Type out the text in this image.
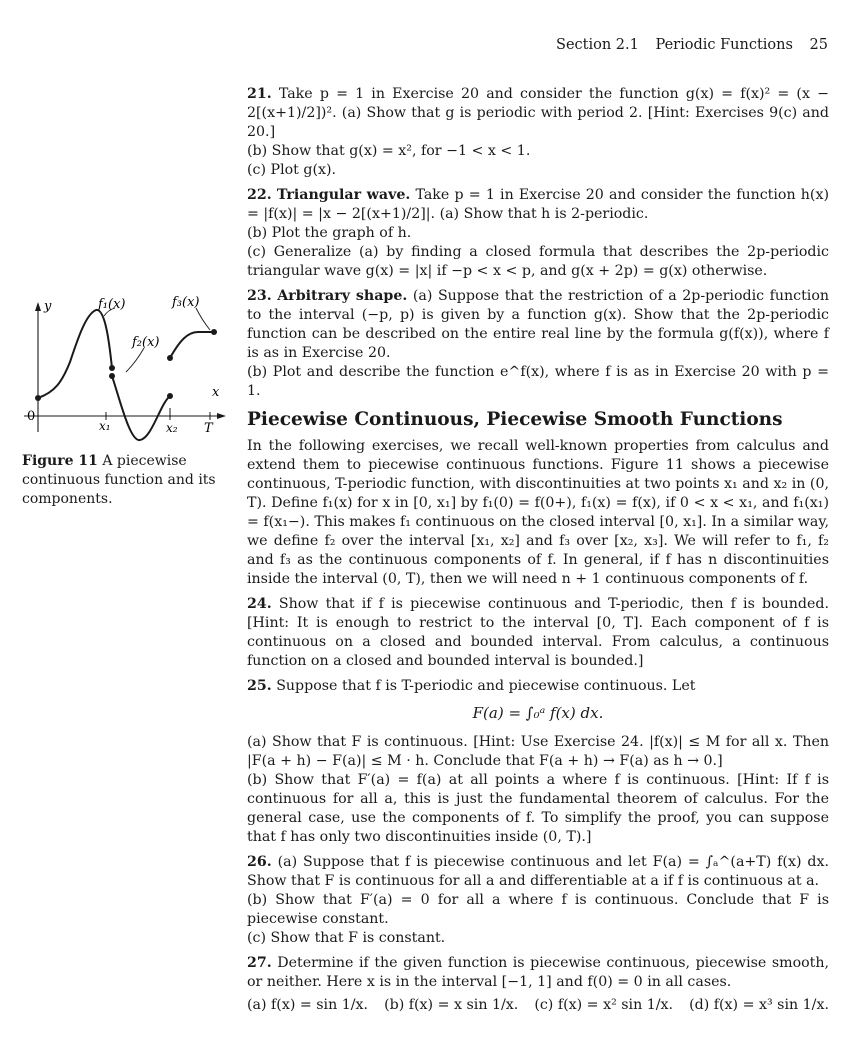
Section 2.1 Periodic Functions 25
y
x
f₁(x)
f₂(x)
f₃(x)
0
x₁	x₂ T
Figure 11 A piecewise continuous function and its components.

21. Take p = 1 in Exercise 20 and consider the function g(x) = f(x)² = (x − 2[(x+1)/2])². (a) Show that g is periodic with period 2. [Hint: Exercises 9(c) and 20.]

(b) Show that g(x) = x², for −1 < x < 1.

(c) Plot g(x).

22. Triangular wave. Take p = 1 in Exercise 20 and consider the function h(x) = |f(x)| = |x − 2[(x+1)/2]|. (a) Show that h is 2-periodic.

(b) Plot the graph of h.

(c) Generalize (a) by finding a closed formula that describes the 2p-periodic triangular wave g(x) = |x| if −p < x < p, and g(x + 2p) = g(x) otherwise.

23. Arbitrary shape. (a) Suppose that the restriction of a 2p-periodic function to the interval (−p, p) is given by a function g(x). Show that the 2p-periodic function can be described on the entire real line by the formula g(f(x)), where f is as in Exercise 20.

(b) Plot and describe the function e^f(x), where f is as in Exercise 20 with p = 1.

Piecewise Continuous, Piecewise Smooth Functions

In the following exercises, we recall well-known properties from calculus and extend them to piecewise continuous functions. Figure 11 shows a piecewise continuous, T-periodic function, with discontinuities at two points x₁ and x₂ in (0, T). Define f₁(x) for x in [0, x₁] by f₁(0) = f(0+), f₁(x) = f(x), if 0 < x < x₁, and f₁(x₁) = f(x₁−). This makes f₁ continuous on the closed interval [0, x₁]. In a similar way, we define f₂ over the interval [x₁, x₂] and f₃ over [x₂, x₃]. We will refer to f₁, f₂ and f₃ as the continuous components of f. In general, if f has n discontinuities inside the interval (0, T), then we will need n + 1 continuous components of f.

24. Show that if f is piecewise continuous and T-periodic, then f is bounded. [Hint: It is enough to restrict to the interval [0, T]. Each component of f is continuous on a closed and bounded interval. From calculus, a continuous function on a closed and bounded interval is bounded.]

25. Suppose that f is T-periodic and piecewise continuous. Let

F(a) = ∫₀ᵃ f(x) dx.

(a) Show that F is continuous. [Hint: Use Exercise 24. |f(x)| ≤ M for all x. Then |F(a + h) − F(a)| ≤ M · h. Conclude that F(a + h) → F(a) as h → 0.]

(b) Show that F′(a) = f(a) at all points a where f is continuous. [Hint: If f is continuous for all a, this is just the fundamental theorem of calculus. For the general case, use the components of f. To simplify the proof, you can suppose that f has only two discontinuities inside (0, T).]

26. (a) Suppose that f is piecewise continuous and let F(a) = ∫ₐ^(a+T) f(x) dx. Show that F is continuous for all a and differentiable at a if f is continuous at a.

(b) Show that F′(a) = 0 for all a where f is continuous. Conclude that F is piecewise constant.

(c) Show that F is constant.

27. Determine if the given function is piecewise continuous, piecewise smooth, or neither. Here x is in the interval [−1, 1] and f(0) = 0 in all cases.

(a) f(x) = sin 1/x. (b) f(x) = x sin 1/x. (c) f(x) = x² sin 1/x. (d) f(x) = x³ sin 1/x.
